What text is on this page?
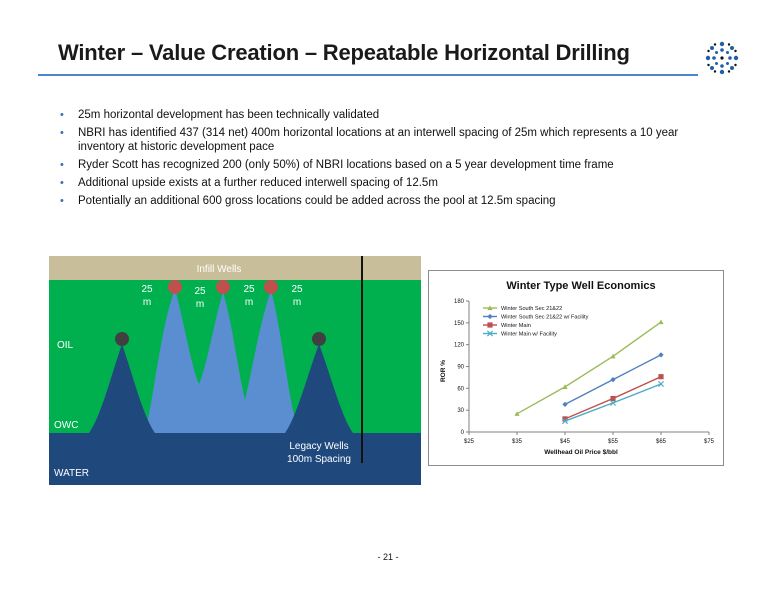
Winter – Value Creation – Repeatable Horizontal Drilling
• 25m horizontal development has been technically validated
• NBRI has identified 437 (314 net) 400m horizontal locations at an interwell spacing of 25m which represents a 10 year inventory at historic development pace
• Ryder Scott has recognized 200 (only 50%) of NBRI locations based on a 5 year development time frame
• Additional upside exists at a further reduced interwell spacing of 12.5m
• Potentially an additional 600 gross locations could be added across the pool at 12.5m spacing
Infill Wells
25
m
25
m
25
m
25
m
OIL
OWC
WATER
Legacy Wells
100m Spacing
Winter Type Well Economics
Wellhead Oil Price $/bbl
ROR %
0
30
60
90
120
150
180
$25	$35	$45	$55	$65	$75
Winter South Sec 21&22
Winter South Sec 21&22 w/ Facility
Winter Main
Winter Main w/ Facility
- 21 -
